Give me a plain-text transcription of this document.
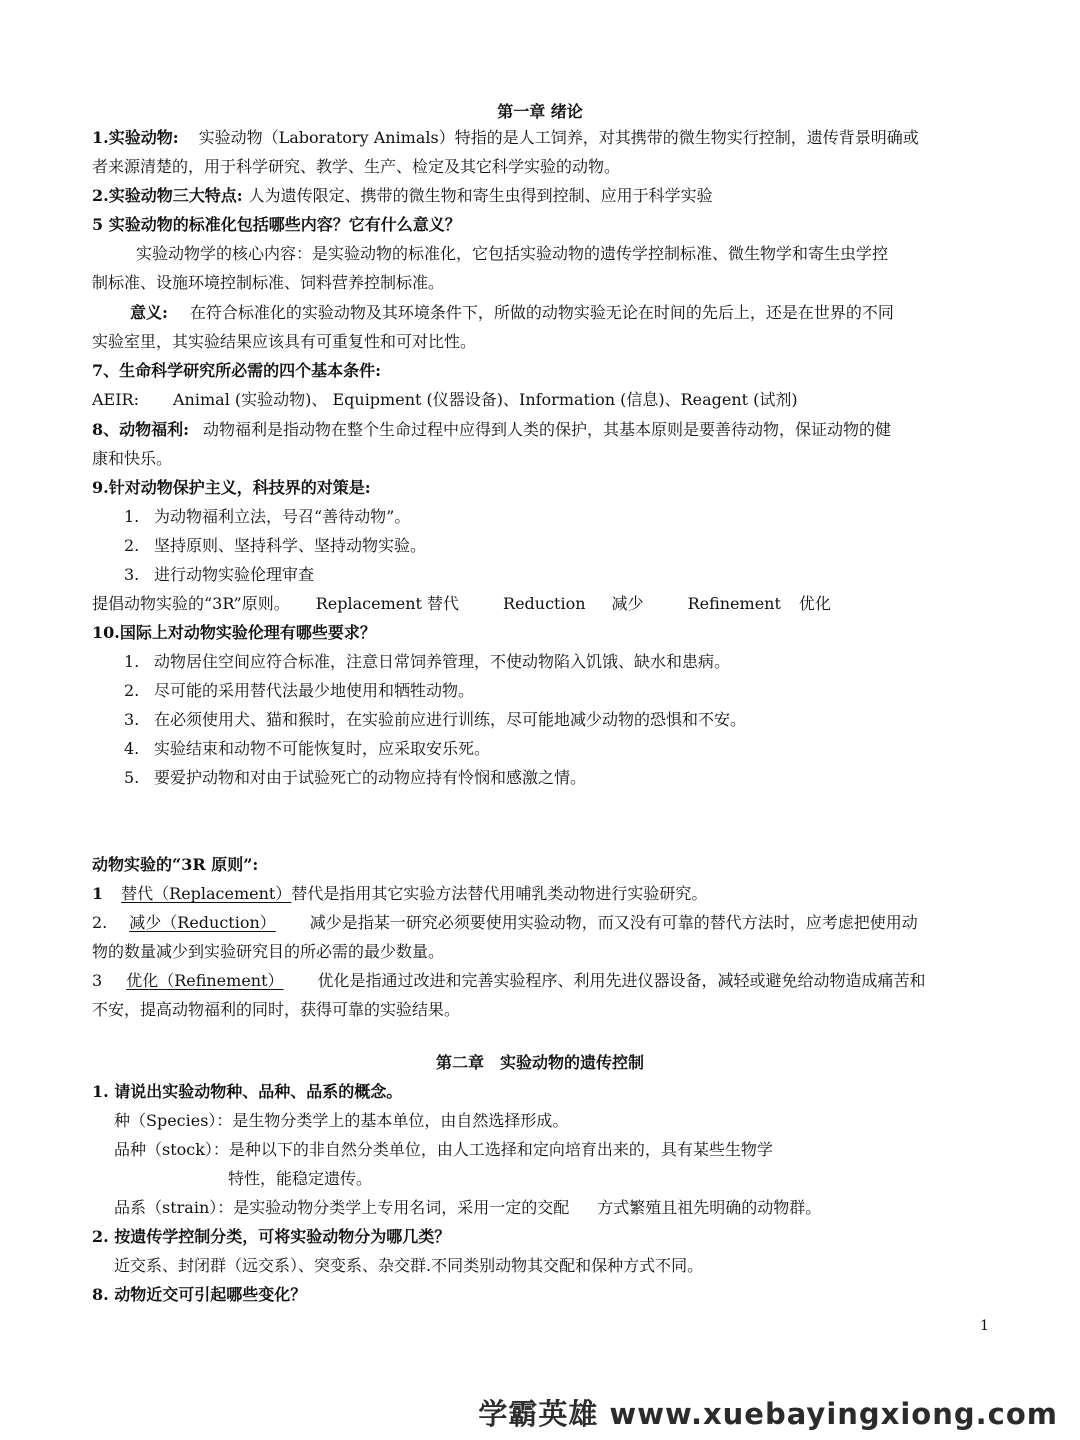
第一章 绪论
1.实验动物: 实验动物（Laboratory Animals）特指的是人工饲养，对其携带的微生物实行控制，遗传背景明确或
者来源清楚的，用于科学研究、教学、生产、检定及其它科学实验的动物。
2.实验动物三大特点: 人为遗传限定、携带的微生物和寄生虫得到控制、应用于科学实验
5 实验动物的标准化包括哪些内容？它有什么意义？
实验动物学的核心内容：是实验动物的标准化，它包括实验动物的遗传学控制标准、微生物学和寄生虫学控
制标准、设施环境控制标准、饲料营养控制标准。
意义: 在符合标准化的实验动物及其环境条件下，所做的动物实验无论在时间的先后上，还是在世界的不同
实验室里，其实验结果应该具有可重复性和可对比性。
7、生命科学研究所必需的四个基本条件:
AEIR: Animal (实验动物)、 Equipment (仪器设备)、Information (信息)、Reagent (试剂)
8、动物福利: 动物福利是指动物在整个生命过程中应得到人类的保护，其基本原则是要善待动物，保证动物的健
康和快乐。
9.针对动物保护主义，科技界的对策是:
1. 为动物福利立法，号召“善待动物”。
2. 坚持原则、坚持科学、坚持动物实验。
3. 进行动物实验伦理审查
提倡动物实验的“3R”原则。 Replacement 替代	Reduction 减少	Refinement 优化
10.国际上对动物实验伦理有哪些要求？
1. 动物居住空间应符合标准，注意日常饲养管理，不使动物陷入饥饿、缺水和患病。
2. 尽可能的采用替代法最少地使用和牺牲动物。
3. 在必须使用犬、猫和猴时，在实验前应进行训练，尽可能地减少动物的恐惧和不安。
4. 实验结束和动物不可能恢复时，应采取安乐死。
5. 要爱护动物和对由于试验死亡的动物应持有怜悯和感激之情。
动物实验的“3R 原则”:
1 替代（Replacement）替代是指用其它实验方法替代用哺乳类动物进行实验研究。
2. 减少（Reduction） 减少是指某一研究必须要使用实验动物，而又没有可靠的替代方法时，应考虑把使用动
物的数量减少到实验研究目的所必需的最少数量。
3 优化（Refinement） 优化是指通过改进和完善实验程序、利用先进仪器设备，减轻或避免给动物造成痛苦和
不安，提高动物福利的同时，获得可靠的实验结果。
第二章　实验动物的遗传控制
1. 请说出实验动物种、品种、品系的概念。
种（Species）：是生物分类学上的基本单位，由自然选择形成。
品种（stock）：是种以下的非自然分类单位，由人工选择和定向培育出来的，具有某些生物学
特性，能稳定遗传。
品系（strain）：是实验动物分类学上专用名词，采用一定的交配 方式繁殖且祖先明确的动物群。
2. 按遗传学控制分类，可将实验动物分为哪几类？
近交系、封闭群（远交系）、突变系、杂交群.不同类别动物其交配和保种方式不同。
8. 动物近交可引起哪些变化？
1
学霸英雄 www.xuebayingxiong.com
